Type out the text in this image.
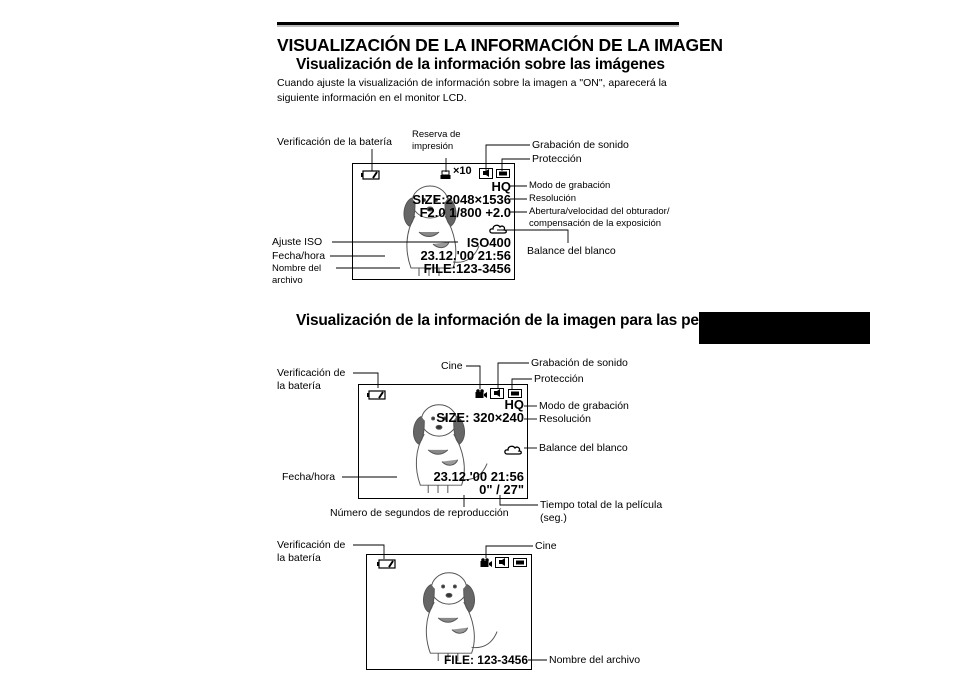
VISUALIZACIÓN DE LA INFORMACIÓN DE LA IMAGEN
Visualización de la información sobre las imágenes
Cuando ajuste la visualización de información sobre la imagen a "ON", aparecerá la siguiente información en el monitor LCD.
×10
HQ
SIZE:2048×1536
F2.0 1/800 +2.0
ISO400
23.12.'00 21:56
FILE:123-3456
Verificación de la batería
Reserva de impresión	Grabación de sonido
Protección
Modo de grabación
Resolución
Abertura/velocidad del obturador/ compensación de la exposición
Balance del blanco
Ajuste ISO
Fecha/hora
Nombre del archivo
Visualización de la información de la imagen para las películas
HQ
SIZE: 320×240
23.12.'00 21:56
0" / 27"
Verificación de la batería
Cine	Grabación de sonido
Protección
Modo de grabación
Resolución
Balance del blanco
Fecha/hora
Tiempo total de la película (seg.)
Número de segundos de reproducción
FILE: 123-3456
Verificación de la batería
Cine
Nombre del archivo
